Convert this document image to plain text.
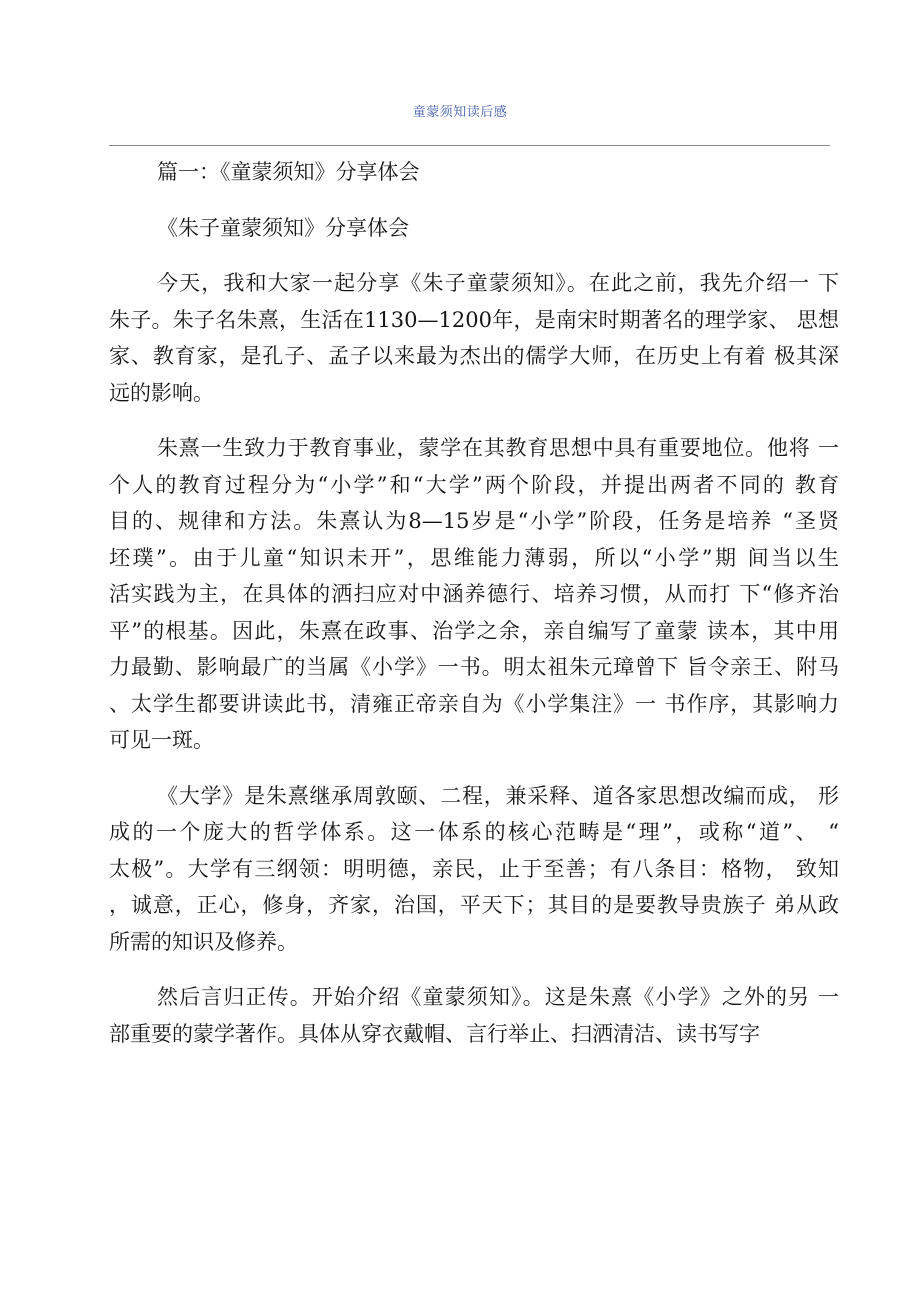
童蒙须知读后感
篇一：《童蒙须知》分享体会
《朱子童蒙须知》分享体会
今天，我和大家一起分享《朱子童蒙须知》。在此之前，我先介绍一 下
朱子。朱子名朱熹，生活在1130—1200年，是南宋时期著名的理学家、 思想
家、教育家，是孔子、孟子以来最为杰出的儒学大师，在历史上有着 极其深
远的影响。
朱熹一生致力于教育事业，蒙学在其教育思想中具有重要地位。他将 一
个人的教育过程分为“小学”和“大学”两个阶段，并提出两者不同的 教育
目的、规律和方法。朱熹认为8—15岁是“小学”阶段，任务是培养 “圣贤
坯璞”。由于儿童“知识未开”，思维能力薄弱，所以“小学”期 间当以生
活实践为主，在具体的洒扫应对中涵养德行、培养习惯，从而打 下“修齐治
平”的根基。因此，朱熹在政事、治学之余，亲自编写了童蒙 读本，其中用
力最勤、影响最广的当属《小学》一书。明太祖朱元璋曾下 旨令亲王、附马
、太学生都要讲读此书，清雍正帝亲自为《小学集注》一 书作序，其影响力
可见一斑。
《大学》是朱熹继承周敦颐、二程，兼采释、道各家思想改编而成， 形
成的一个庞大的哲学体系。这一体系的核心范畴是“理”，或称“道”、 “
太极”。大学有三纲领：明明德，亲民，止于至善；有八条目：格物， 致知
，诚意，正心，修身，齐家，治国，平天下；其目的是要教导贵族子 弟从政
所需的知识及修养。
然后言归正传。开始介绍《童蒙须知》。这是朱熹《小学》之外的另 一
部重要的蒙学著作。具体从穿衣戴帽、言行举止、扫洒清洁、读书写字
